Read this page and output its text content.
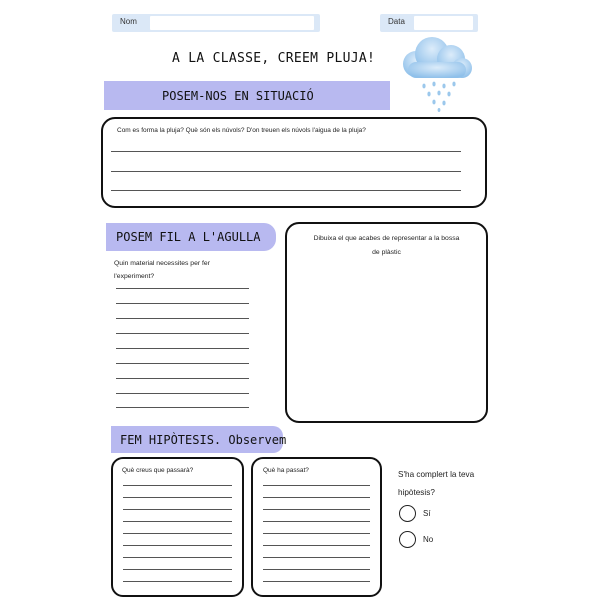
Nom	Data
A LA CLASSE, CREEM PLUJA!
POSEM-NOS EN SITUACIÓ
Com es forma la pluja? Què són els núvols? D'on treuen els núvols l'aigua de la pluja?
POSEM FIL A L'AGULLA
Quin material necessites per fer
l'experiment?
Dibuixa el que acabes de representar a la bossa
de plàstic
FEM HIPÒTESIS. Observem
Què creus que passarà?	Què ha passat?	S'ha complert la teva
hipòtesis?
Sí
No
